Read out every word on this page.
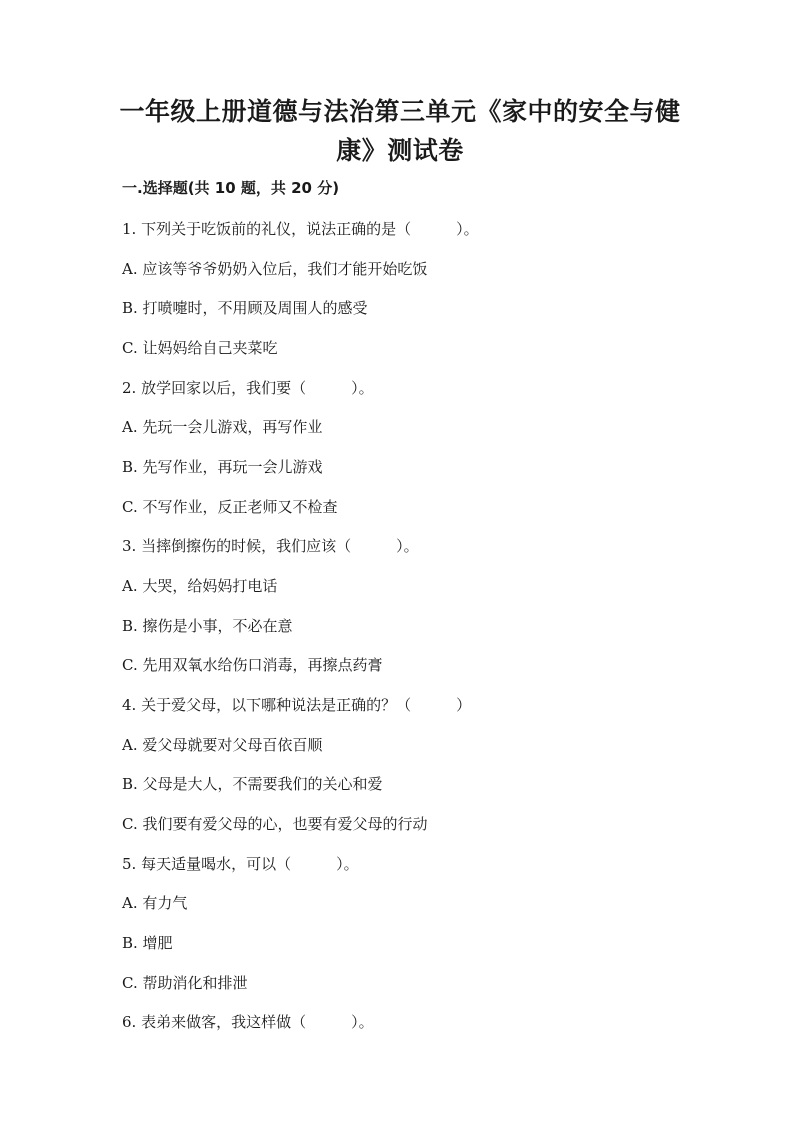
一年级上册道德与法治第三单元《家中的安全与健
康》测试卷

一.选择题(共 10 题，共 20 分)

1. 下列关于吃饭前的礼仪，说法正确的是（　　　）。

A. 应该等爷爷奶奶入位后，我们才能开始吃饭

B. 打喷嚏时，不用顾及周围人的感受

C. 让妈妈给自己夹菜吃

2. 放学回家以后，我们要（　　　）。

A. 先玩一会儿游戏，再写作业

B. 先写作业，再玩一会儿游戏

C. 不写作业，反正老师又不检查

3. 当摔倒擦伤的时候，我们应该（　　　）。

A. 大哭，给妈妈打电话

B. 擦伤是小事，不必在意

C. 先用双氧水给伤口消毒，再擦点药膏

4. 关于爱父母，以下哪种说法是正确的？（　　　）

A. 爱父母就要对父母百依百顺

B. 父母是大人，不需要我们的关心和爱

C. 我们要有爱父母的心，也要有爱父母的行动

5. 每天适量喝水，可以（　　　）。

A. 有力气

B. 增肥

C. 帮助消化和排泄

6. 表弟来做客，我这样做（　　　）。
